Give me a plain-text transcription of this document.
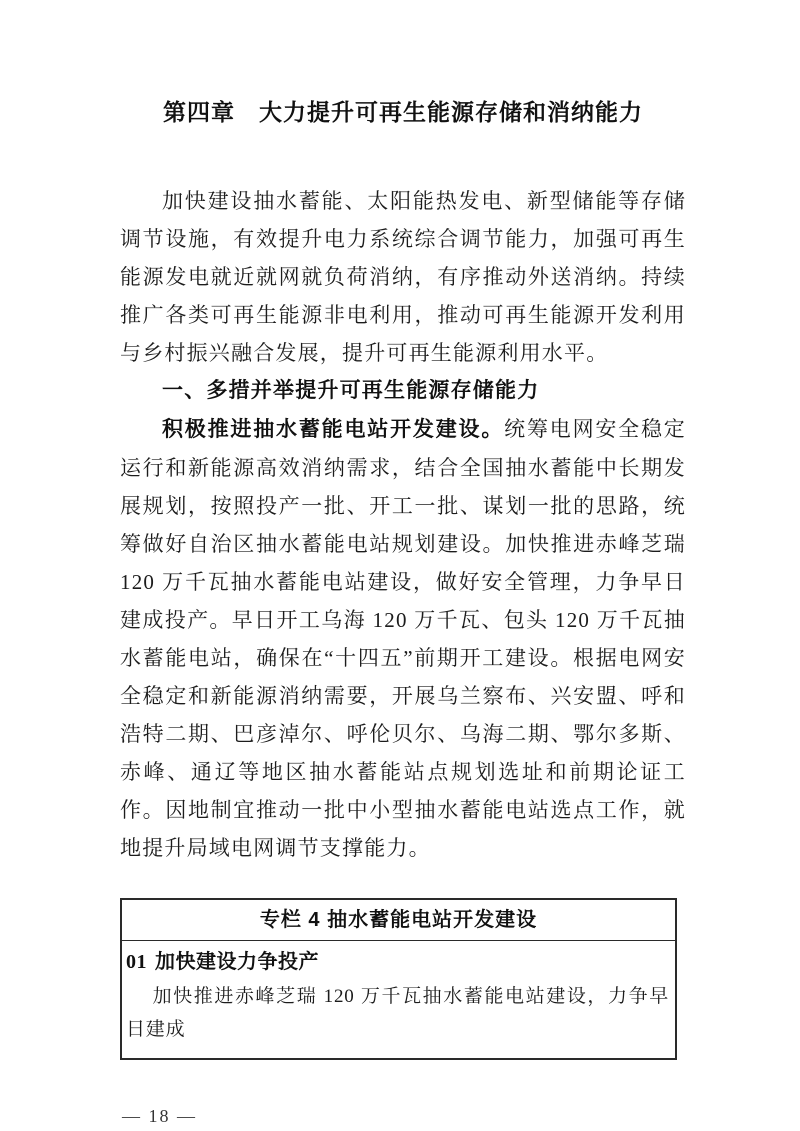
第四章　大力提升可再生能源存储和消纳能力

加快建设抽水蓄能、太阳能热发电、新型储能等存储调节设施，有效提升电力系统综合调节能力，加强可再生能源发电就近就网就负荷消纳，有序推动外送消纳。持续推广各类可再生能源非电利用，推动可再生能源开发利用与乡村振兴融合发展，提升可再生能源利用水平。

一、多措并举提升可再生能源存储能力

积极推进抽水蓄能电站开发建设。统筹电网安全稳定运行和新能源高效消纳需求，结合全国抽水蓄能中长期发展规划，按照投产一批、开工一批、谋划一批的思路，统筹做好自治区抽水蓄能电站规划建设。加快推进赤峰芝瑞 120 万千瓦抽水蓄能电站建设，做好安全管理，力争早日建成投产。早日开工乌海 120 万千瓦、包头 120 万千瓦抽水蓄能电站，确保在“十四五”前期开工建设。根据电网安全稳定和新能源消纳需要，开展乌兰察布、兴安盟、呼和浩特二期、巴彦淖尔、呼伦贝尔、乌海二期、鄂尔多斯、赤峰、通辽等地区抽水蓄能站点规划选址和前期论证工作。因地制宜推动一批中小型抽水蓄能电站选点工作，就地提升局域电网调节支撑能力。

专栏 4 抽水蓄能电站开发建设
01 加快建设力争投产

加快推进赤峰芝瑞 120 万千瓦抽水蓄能电站建设，力争早日建成

— 18 —
